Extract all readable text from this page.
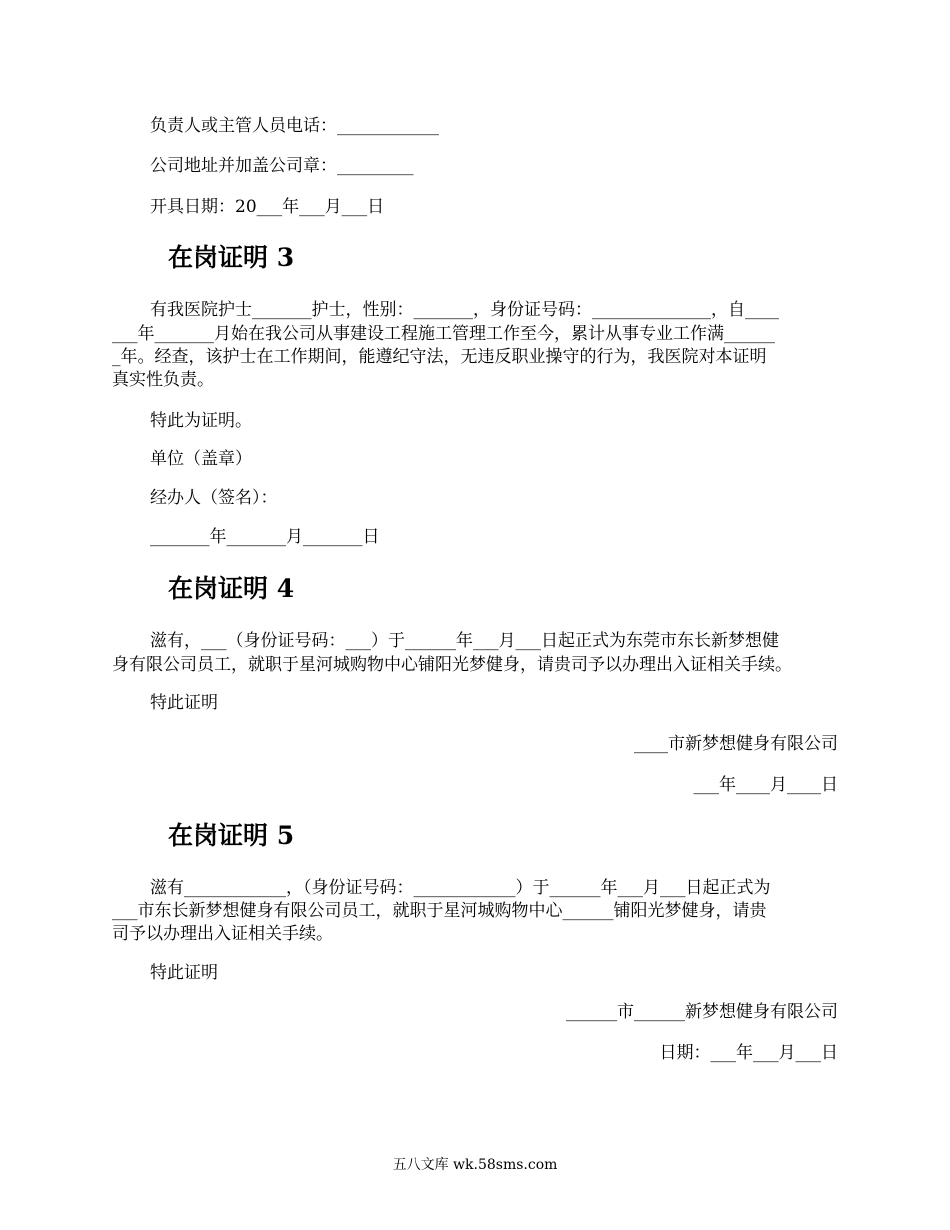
负责人或主管人员电话：____________
公司地址并加盖公司章：_________
开具日期：20___年___月___日
在岗证明 3
有我医院护士_______护士，性别：_______，身份证号码：______________，自____
___年_______月始在我公司从事建设工程施工管理工作至今，累计从事专业工作满______
_年。经查，该护士在工作期间，能遵纪守法，无违反职业操守的行为，我医院对本证明
真实性负责。
特此为证明。
单位（盖章）
经办人（签名）：
_______年_______月_______日
在岗证明 4
滋有，___（身份证号码：___）于______年___月___日起正式为东莞市东长新梦想健
身有限公司员工，就职于星河城购物中心铺阳光梦健身，请贵司予以办理出入证相关手续。
特此证明
____市新梦想健身有限公司
___年____月____日
在岗证明 5
滋有____________，（身份证号码：____________）于______年___月___日起正式为
___市东长新梦想健身有限公司员工，就职于星河城购物中心______铺阳光梦健身，请贵
司予以办理出入证相关手续。
特此证明
______市______新梦想健身有限公司
日期：___年___月___日
五八文库 wk.58sms.com
